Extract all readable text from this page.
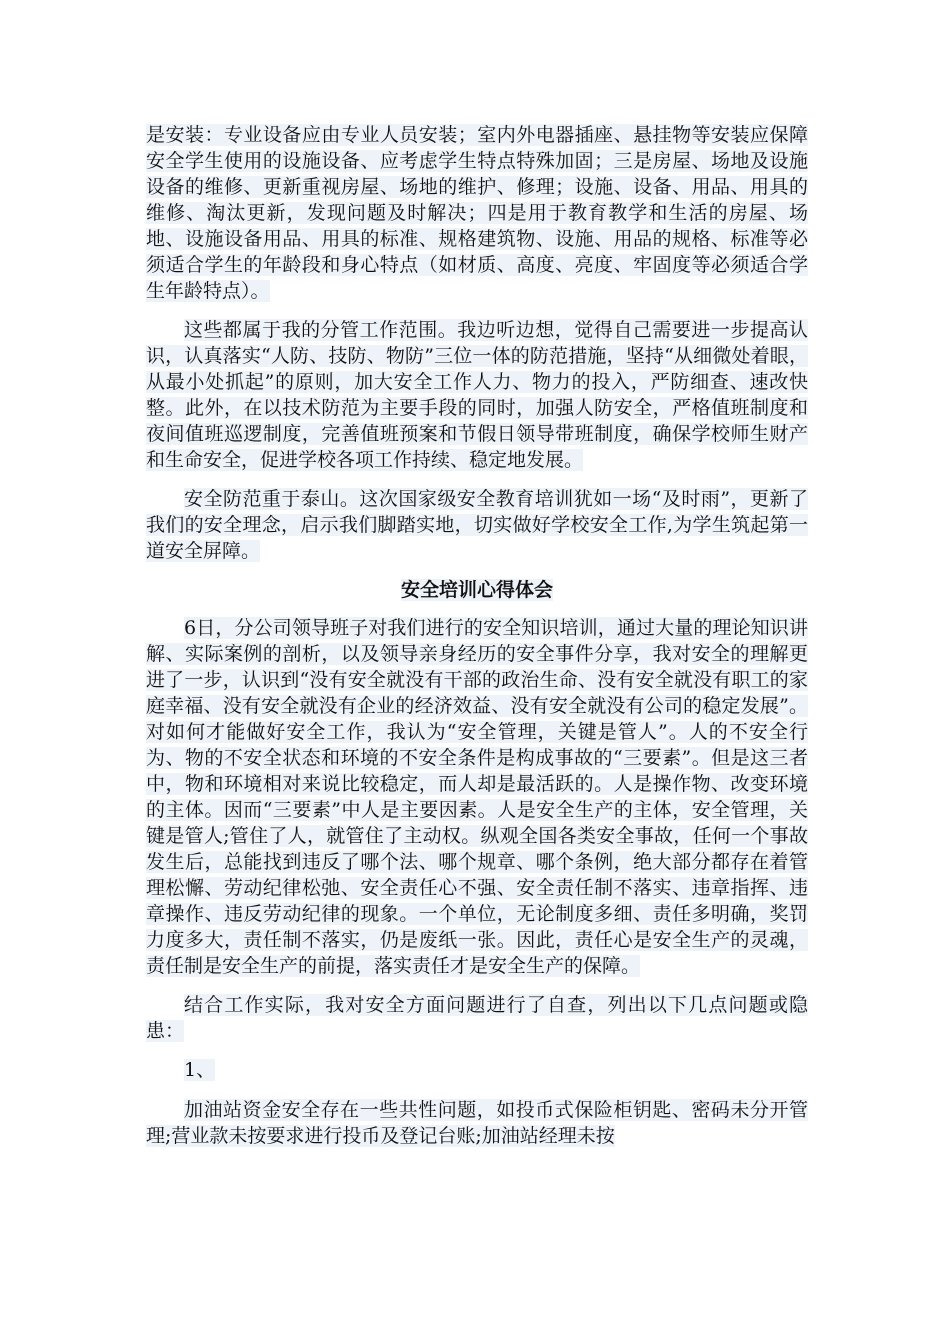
是安装：专业设备应由专业人员安装；室内外电器插座、悬挂物等安装应保障安全学生使用的设施设备、应考虑学生特点特殊加固；三是房屋、场地及设施设备的维修、更新重视房屋、场地的维护、修理；设施、设备、用品、用具的维修、淘汰更新，发现问题及时解决；四是用于教育教学和生活的房屋、场地、设施设备用品、用具的标准、规格建筑物、设施、用品的规格、标准等必须适合学生的年龄段和身心特点（如材质、高度、亮度、牢固度等必须适合学生年龄特点）。

这些都属于我的分管工作范围。我边听边想，觉得自己需要进一步提高认识，认真落实“人防、技防、物防”三位一体的防范措施，坚持“从细微处着眼，从最小处抓起”的原则，加大安全工作人力、物力的投入，严防细查、速改快整。此外，在以技术防范为主要手段的同时，加强人防安全，严格值班制度和夜间值班巡逻制度，完善值班预案和节假日领导带班制度，确保学校师生财产和生命安全，促进学校各项工作持续、稳定地发展。

安全防范重于泰山。这次国家级安全教育培训犹如一场“及时雨”，更新了我们的安全理念，启示我们脚踏实地，切实做好学校安全工作,为学生筑起第一道安全屏障。

安全培训心得体会

6日，分公司领导班子对我们进行的安全知识培训，通过大量的理论知识讲解、实际案例的剖析，以及领导亲身经历的安全事件分享，我对安全的理解更进了一步，认识到“没有安全就没有干部的政治生命、没有安全就没有职工的家庭幸福、没有安全就没有企业的经济效益、没有安全就没有公司的稳定发展”。对如何才能做好安全工作，我认为“安全管理，关键是管人”。人的不安全行为、物的不安全状态和环境的不安全条件是构成事故的“三要素”。但是这三者中，物和环境相对来说比较稳定，而人却是最活跃的。人是操作物、改变环境的主体。因而“三要素”中人是主要因素。人是安全生产的主体，安全管理，关键是管人;管住了人，就管住了主动权。纵观全国各类安全事故，任何一个事故发生后，总能找到违反了哪个法、哪个规章、哪个条例，绝大部分都存在着管理松懈、劳动纪律松弛、安全责任心不强、安全责任制不落实、违章指挥、违章操作、违反劳动纪律的现象。一个单位，无论制度多细、责任多明确，奖罚力度多大，责任制不落实，仍是废纸一张。因此，责任心是安全生产的灵魂，责任制是安全生产的前提，落实责任才是安全生产的保障。

结合工作实际，我对安全方面问题进行了自查，列出以下几点问题或隐患：

1、

加油站资金安全存在一些共性问题，如投币式保险柜钥匙、密码未分开管理;营业款未按要求进行投币及登记台账;加油站经理未按
